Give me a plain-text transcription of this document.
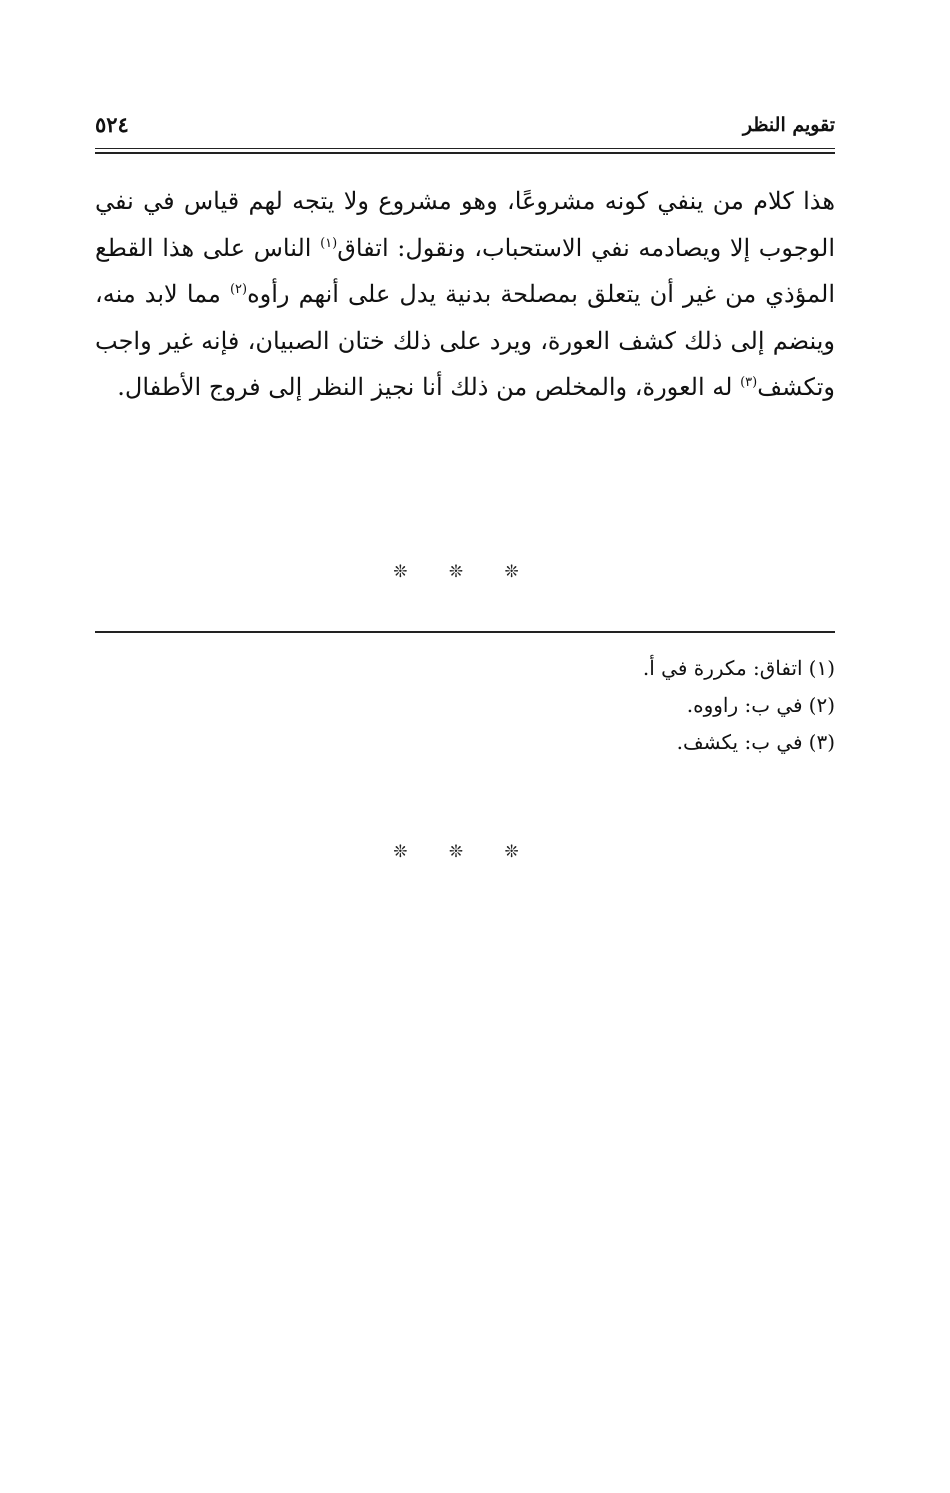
تقويم النظر
٥٢٤

هذا كلام من ينفي كونه مشروعًا، وهو مشروع ولا يتجه لهم قياس في نفي الوجوب إلا ويصادمه نفي الاستحباب، ونقول: اتفاق$^{(١)}$ الناس على هذا القطع المؤذي من غير أن يتعلق بمصلحة بدنية يدل على أنهم رأوه$^{(٢)}$ مما لابد منه، وينضم إلى ذلك كشف العورة، ويرد على ذلك ختان الصبيان، فإنه غير واجب وتكشف$^{(٣)}$ له العورة، والمخلص من ذلك أنا نجيز النظر إلى فروج الأطفال.

❊ ❊ ❊
(١)اتفاق: مكررة في أ.
(٢)في ب: راووه.
(٣)في ب: يكشف.
❊ ❊ ❊
